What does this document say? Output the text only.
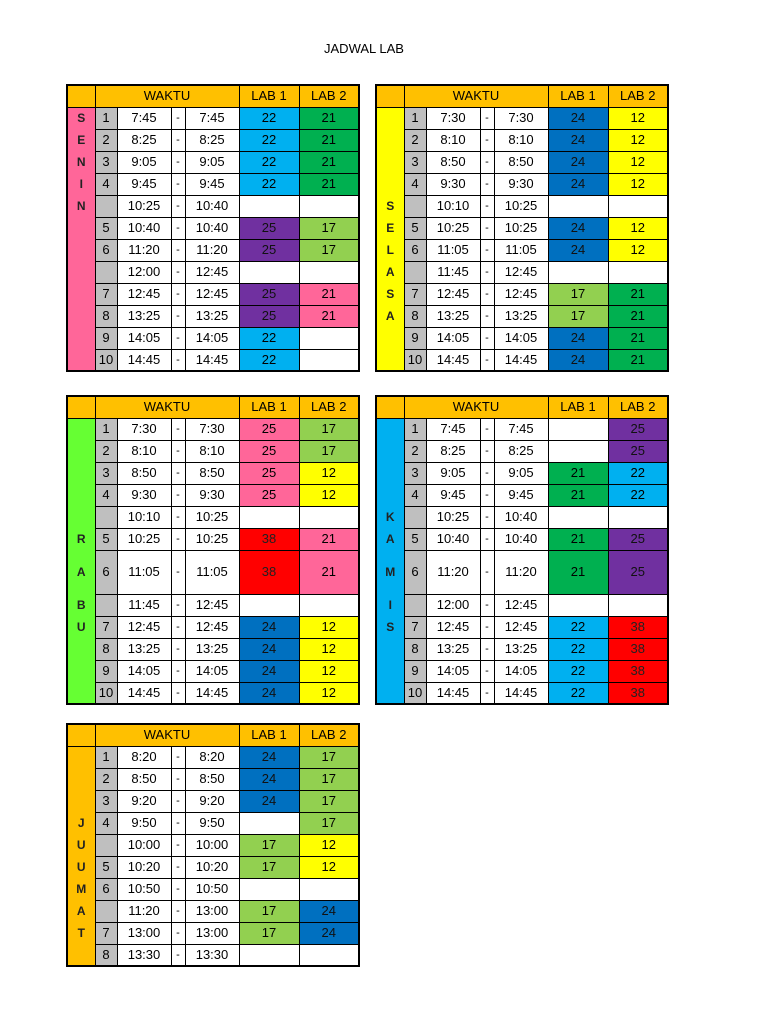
JADWAL LAB
	WAKTU				LAB 1	LAB 2
S	1	7:45	-	7:45	22	21
E	2	8:25	-	8:25	22	21
N	3	9:05	-	9:05	22	21
I	4	9:45	-	9:45	22	21
N		10:25	-	10:40		
	5	10:40	-	10:40	25	17
	6	11:20	-	11:20	25	17
		12:00	-	12:45		
	7	12:45	-	12:45	25	21
	8	13:25	-	13:25	25	21
	9	14:05	-	14:05	22	
	10	14:45	-	14:45	22	
	WAKTU				LAB 1	LAB 2
	1	7:30	-	7:30	24	12
	2	8:10	-	8:10	24	12
	3	8:50	-	8:50	24	12
	4	9:30	-	9:30	24	12
S		10:10	-	10:25		
E	5	10:25	-	10:25	24	12
L	6	11:05	-	11:05	24	12
A		11:45	-	12:45		
S	7	12:45	-	12:45	17	21
A	8	13:25	-	13:25	17	21
	9	14:05	-	14:05	24	21
	10	14:45	-	14:45	24	21
	WAKTU				LAB 1	LAB 2
	1	7:30	-	7:30	25	17
	2	8:10	-	8:10	25	17
	3	8:50	-	8:50	25	12
	4	9:30	-	9:30	25	12
		10:10	-	10:25		
R	5	10:25	-	10:25	38	21
A	6	11:05	-	11:05	38	21
B		11:45	-	12:45		
U	7	12:45	-	12:45	24	12
	8	13:25	-	13:25	24	12
	9	14:05	-	14:05	24	12
	10	14:45	-	14:45	24	12
	WAKTU				LAB 1	LAB 2
	1	7:45	-	7:45		25
	2	8:25	-	8:25		25
	3	9:05	-	9:05	21	22
	4	9:45	-	9:45	21	22
K		10:25	-	10:40		
A	5	10:40	-	10:40	21	25
M	6	11:20	-	11:20	21	25
I		12:00	-	12:45		
S	7	12:45	-	12:45	22	38
	8	13:25	-	13:25	22	38
	9	14:05	-	14:05	22	38
	10	14:45	-	14:45	22	38
	WAKTU				LAB 1	LAB 2
	1	8:20	-	8:20	24	17
	2	8:50	-	8:50	24	17
	3	9:20	-	9:20	24	17
J	4	9:50	-	9:50		17
U		10:00	-	10:00	17	12
U	5	10:20	-	10:20	17	12
M	6	10:50	-	10:50		
A		11:20	-	13:00	17	24
T	7	13:00	-	13:00	17	24
	8	13:30	-	13:30		
